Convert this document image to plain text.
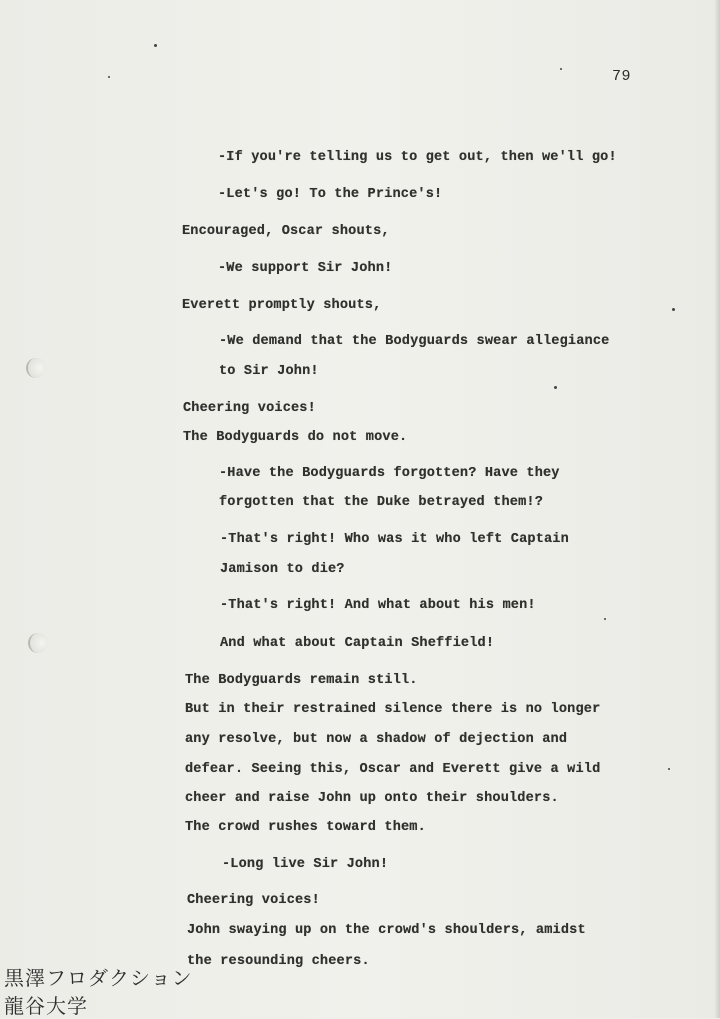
79
-If you're telling us to get out, then we'll go!
-Let's go! To the Prince's!
Encouraged, Oscar shouts,
-We support Sir John!
Everett promptly shouts,
-We demand that the Bodyguards swear allegiance
to Sir John!
Cheering voices!
The Bodyguards do not move.
-Have the Bodyguards forgotten? Have they
forgotten that the Duke betrayed them!?
-That's right! Who was it who left Captain
Jamison to die?
-That's right! And what about his men!
And what about Captain Sheffield!
The Bodyguards remain still.
But in their restrained silence there is no longer
any resolve, but now a shadow of dejection and
defear. Seeing this, Oscar and Everett give a wild
cheer and raise John up onto their shoulders.
The crowd rushes toward them.
-Long live Sir John!
Cheering voices!
John swaying up on the crowd's shoulders, amidst
the resounding cheers.
黒澤フロダクション
龍谷大学
